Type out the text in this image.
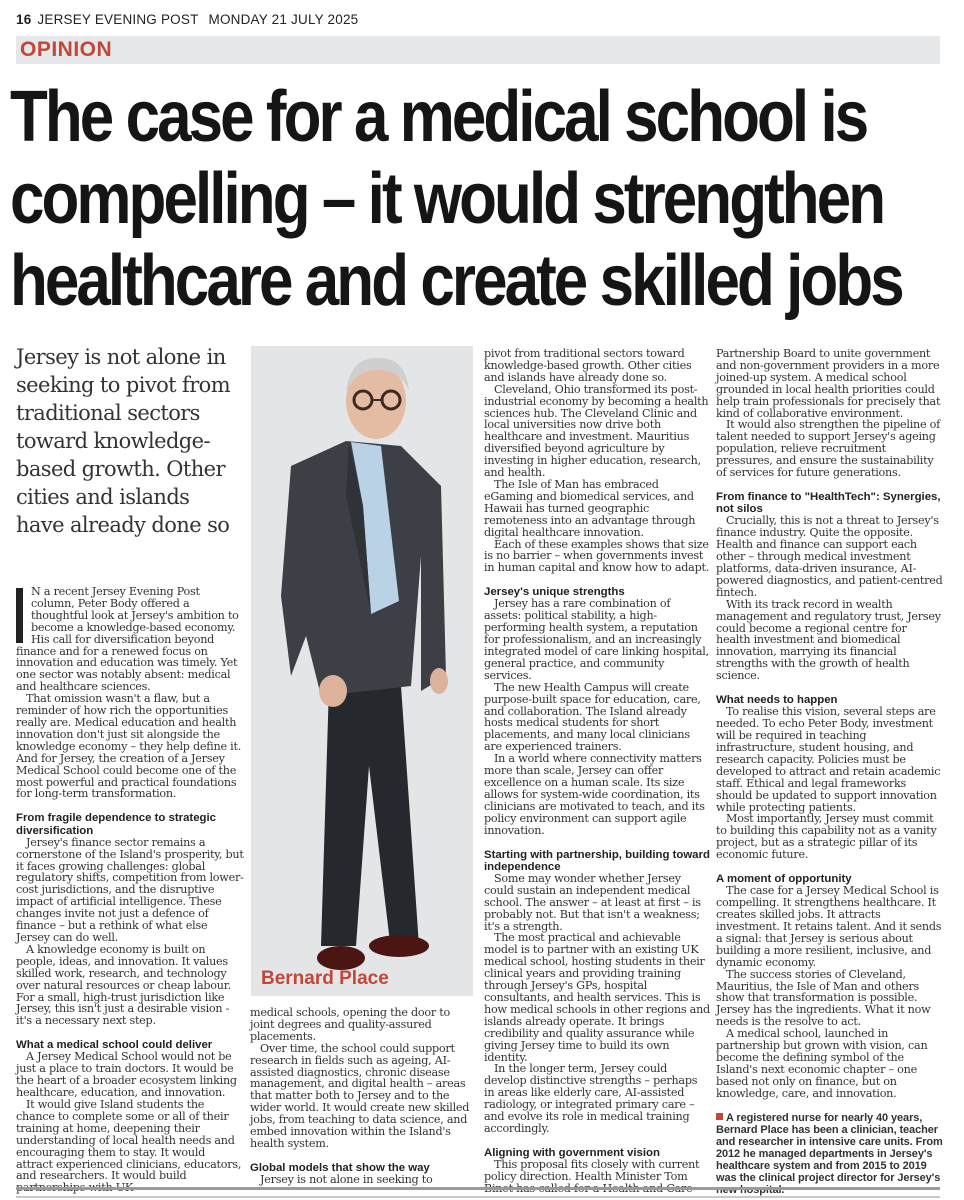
16 JERSEY EVENING POST MONDAY 21 JULY 2025
OPINION
The case for a medical school is
compelling – it would strengthen
healthcare and create skilled jobs
Jersey is not alone in seeking to pivot from traditional sectors toward knowledge-based growth. Other cities and islands have already done so

N a recent Jersey Evening Post column, Peter Body offered a thoughtful look at Jersey's ambition to become a knowledge-based economy. His call for diversification beyond finance and for a renewed focus on innovation and education was timely. Yet one sector was notably absent: medical and healthcare sciences.

That omission wasn't a flaw, but a reminder of how rich the opportunities really are. Medical education and health innovation don't just sit alongside the knowledge economy – they help define it. And for Jersey, the creation of a Jersey Medical School could become one of the most powerful and practical foundations for long-term transformation.

From fragile dependence to strategic diversification

Jersey's finance sector remains a cornerstone of the Island's prosperity, but it faces growing challenges: global regulatory shifts, competition from lower-cost jurisdictions, and the disruptive impact of artificial intelligence. These changes invite not just a defence of finance – but a rethink of what else Jersey can do well.

A knowledge economy is built on people, ideas, and innovation. It values skilled work, research, and technology over natural resources or cheap labour. For a small, high-trust jurisdiction like Jersey, this isn't just a desirable vision - it's a necessary next step.

What a medical school could deliver

A Jersey Medical School would not be just a place to train doctors. It would be the heart of a broader ecosystem linking healthcare, education, and innovation.

It would give Island students the chance to complete some or all of their training at home, deepening their understanding of local health needs and encouraging them to stay. It would attract experienced clinicians, educators, and researchers. It would build

Bernard Place

medical schools, opening the door to joint degrees and quality-assured placements.

Over time, the school could support research in fields such as ageing, AI-assisted diagnostics, chronic disease management, and digital health – areas that matter both to Jersey and to the wider world. It would create new skilled jobs, from teaching to data science, and embed innovation within the Island's health system.

Global models that show the way

Jersey is not alone in seeking to

pivot from traditional sectors toward knowledge-based growth. Other cities and islands have already done so.

Cleveland, Ohio transformed its post-industrial economy by becoming a health sciences hub. The Cleveland Clinic and local universities now drive both healthcare and investment. Mauritius diversified beyond agriculture by investing in higher education, research, and health.

The Isle of Man has embraced eGaming and biomedical services, and Hawaii has turned geographic remoteness into an advantage through digital healthcare innovation.

Each of these examples shows that size is no barrier – when governments invest in human capital and know how to adapt.

Jersey's unique strengths

Jersey has a rare combination of assets: political stability, a high-performing health system, a reputation for professionalism, and an increasingly integrated model of care linking hospital, general practice, and community services.

The new Health Campus will create purpose-built space for education, care, and collaboration. The Island already hosts medical students for short placements, and many local clinicians are experienced trainers.

In a world where connectivity matters more than scale, Jersey can offer excellence on a human scale. Its size allows for system-wide coordination, its clinicians are motivated to teach, and its policy environment can support agile innovation.

Starting with partnership, building toward independence

Some may wonder whether Jersey could sustain an independent medical school. The answer – at least at first – is probably not. But that isn't a weakness; it's a strength.

The most practical and achievable model is to partner with an existing UK medical school, hosting students in their clinical years and providing training through Jersey's GPs, hospital consultants, and health services. This is how medical schools in other regions and islands already operate. It brings credibility and quality assurance while giving Jersey time to build its own identity.

In the longer term, Jersey could develop distinctive strengths – perhaps in areas like elderly care, AI-assisted radiology, or integrated primary care – and evolve its role in medical training accordingly.

Aligning with government vision

This proposal fits closely with current policy direction. Health Minister Tom

Partnership Board to unite government and non-government providers in a more joined-up system. A medical school grounded in local health priorities could help train professionals for precisely that kind of collaborative environment.

It would also strengthen the pipeline of talent needed to support Jersey's ageing population, relieve recruitment pressures, and ensure the sustainability of services for future generations.

From finance to "HealthTech": Synergies, not silos

Crucially, this is not a threat to Jersey's finance industry. Quite the opposite. Health and finance can support each other – through medical investment platforms, data-driven insurance, AI-powered diagnostics, and patient-centred fintech.

With its track record in wealth management and regulatory trust, Jersey could become a regional centre for health investment and biomedical innovation, marrying its financial strengths with the growth of health science.

What needs to happen

To realise this vision, several steps are needed. To echo Peter Body, investment will be required in teaching infrastructure, student housing, and research capacity. Policies must be developed to attract and retain academic staff. Ethical and legal frameworks should be updated to support innovation while protecting patients.

Most importantly, Jersey must commit to building this capability not as a vanity project, but as a strategic pillar of its economic future.

A moment of opportunity

The case for a Jersey Medical School is compelling. It strengthens healthcare. It creates skilled jobs. It attracts investment. It retains talent. And it sends a signal: that Jersey is serious about building a more resilient, inclusive, and dynamic economy.

The success stories of Cleveland, Mauritius, the Isle of Man and others show that transformation is possible. Jersey has the ingredients. What it now needs is the resolve to act.

A medical school, launched in partnership but grown with vision, can become the defining symbol of the Island's next economic chapter – one based not only on finance, but on knowledge, care, and innovation.

A registered nurse for nearly 40 years, Bernard Place has been a clinician, teacher and researcher in intensive care units. From 2012 he managed departments in Jersey's healthcare system and from 2015 to 2019 was the clinical project director for Jersey's
